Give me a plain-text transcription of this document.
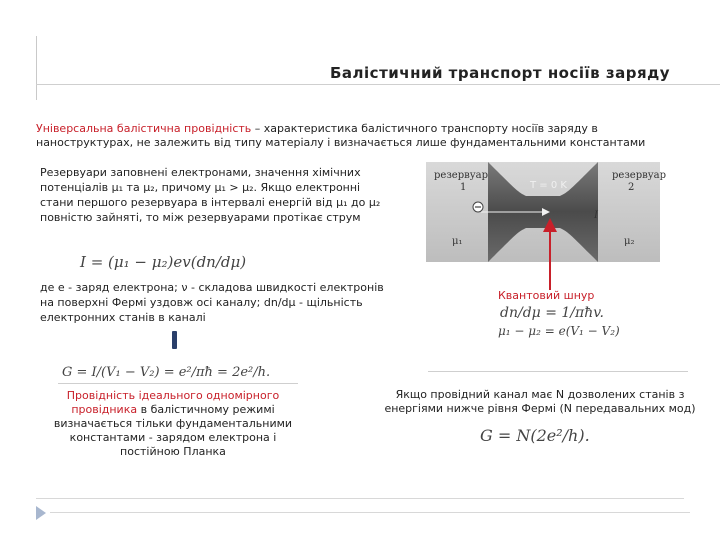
Балістичний транспорт носіїв заряду
Універсальна балістична провідність – характеристика балістичного транспорту носіїв заряду в наноструктурах, не залежить від типу матеріалу і визначається лише фундаментальними константами
Резервуари заповнені електронами, значення хімічних потенціалів μ₁ та μ₂, причому μ₁ > μ₂. Якщо електронні стани першого резервуара в інтервалі енергій від μ₁ до μ₂ повністю зайняті, то між резервуарами протікає струм
I = (μ₁ − μ₂)ev(dn/dμ)
де e - заряд електрона; ν - складова швидкості електронів на поверхні Фермі уздовж осі каналу; dn/dμ - щільність електронних станів в каналі
G = I/(V₁ − V₂) = e²/πħ = 2e²/h.
Провідність ідеального одномірного провідника в балістичному режимі визначається тільки фундаментальними константами - зарядом електрона і постійною Планка
резервуар
1
резервуар
2
T = 0 K
I
μ₁	μ₂
Квантовий шнур
dn/dμ = 1/πħv.
μ₁ − μ₂ = e(V₁ − V₂)
Якщо провідний канал має N дозволених станів з енергіями нижче рівня Фермі (N передавальних мод)
G = N(2e²/h).
